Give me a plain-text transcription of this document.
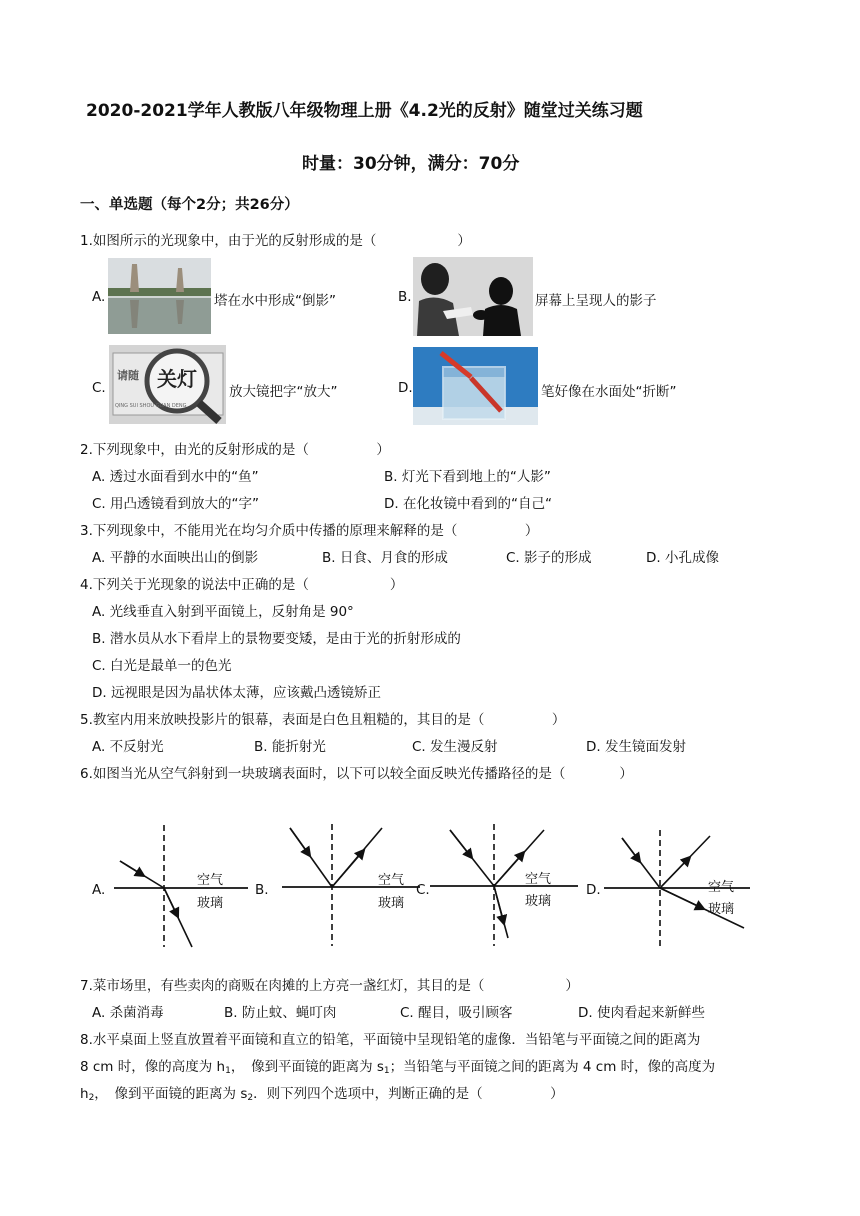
2020-2021学年人教版八年级物理上册《4.2光的反射》随堂过关练习题
时量：30分钟，满分：70分
一、单选题（每个2分；共26分）
1.如图所示的光现象中，由于光的反射形成的是（　　　　　　）
A.	塔在水中形成“倒影”	B.	屏幕上呈现人的影子
C.
请随 关灯
QING SUI SHOU GUAN DENG
放大镜把字“放大”	D.	笔好像在水面处“折断”
2.下列现象中，由光的反射形成的是（　　　　　）
A. 透过水面看到水中的“鱼”	B. 灯光下看到地上的“人影”
C. 用凸透镜看到放大的“字”	D. 在化妆镜中看到的“自己“
3.下列现象中，不能用光在均匀介质中传播的原理来解释的是（　　　　　）
A. 平静的水面映出山的倒影	B. 日食、月食的形成	C. 影子的形成	D. 小孔成像
4.下列关于光现象的说法中正确的是（　　　　　　）
A. 光线垂直入射到平面镜上，反射角是 90°
B. 潜水员从水下看岸上的景物要变矮，是由于光的折射形成的
C. 白光是最单一的色光
D. 远视眼是因为晶状体太薄，应该戴凸透镜矫正
5.教室内用来放映投影片的银幕，表面是白色且粗糙的，其目的是（　　　　　）
A. 不反射光	B. 能折射光	C. 发生漫反射	D. 发生镜面发射
6.如图当光从空气斜射到一块玻璃表面时，以下可以较全面反映光传播路径的是（　　　　）
A.
空气
玻璃
B.
空气
玻璃
C.
空气
玻璃
D.	空气
玻璃
7.菜市场里，有些卖肉的商贩在肉摊的上方亮一盏红灯，其目的是（　　　　　　）
A. 杀菌消毒	B. 防止蚊、蝇叮肉	C. 醒目，吸引顾客	D. 使肉看起来新鲜些
8.水平桌面上竖直放置着平面镜和直立的铅笔，平面镜中呈现铅笔的虚像．当铅笔与平面镜之间的距离为
8 cm 时，像的高度为 $h_1$，　像到平面镜的距离为 $s_1$；当铅笔与平面镜之间的距离为 4 cm 时，像的高度为
$h_2$，　像到平面镜的距离为 $s_2$．则下列四个选项中，判断正确的是（　　　　　）
